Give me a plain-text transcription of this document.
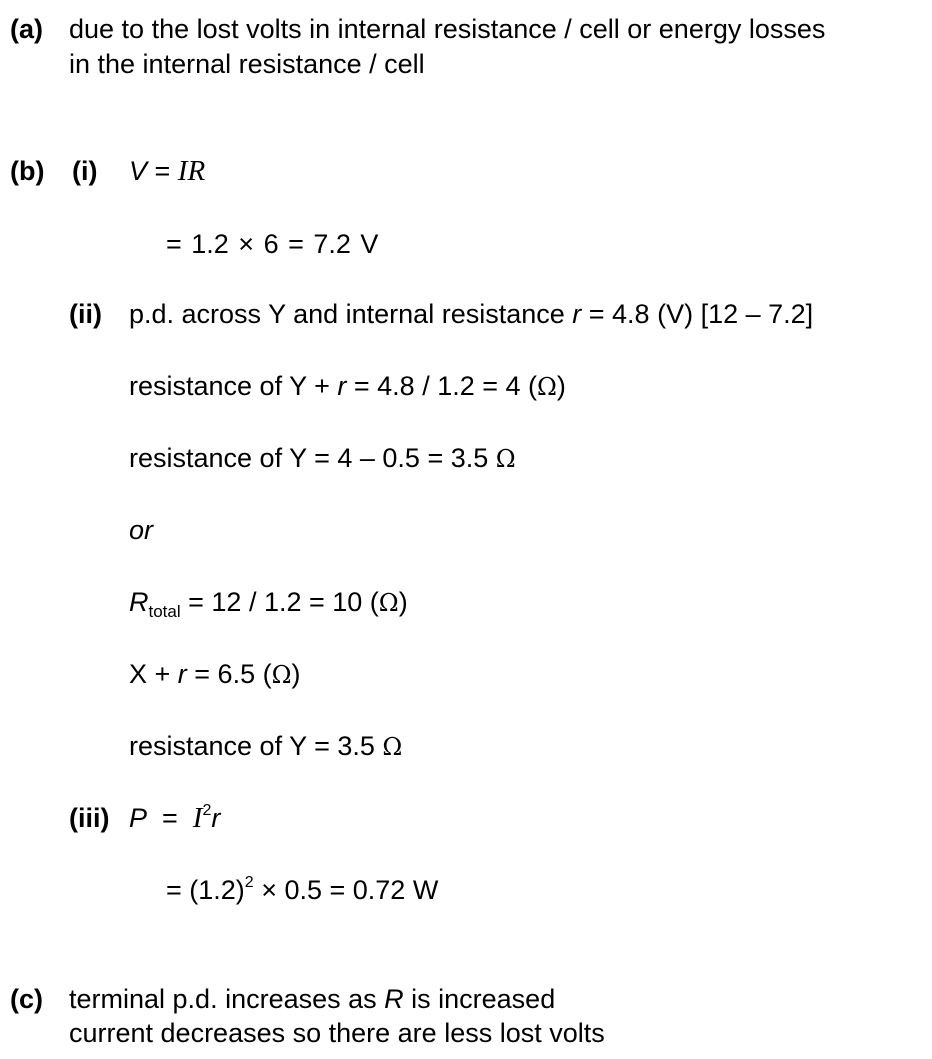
(a) due to the lost volts in internal resistance / cell or energy losses
in the internal resistance / cell
(b) (i) V = IR
= 1.2 × 6 = 7.2 V
(ii) p.d. across Y and internal resistance r = 4.8 (V) [12 – 7.2]
resistance of Y + r = 4.8 / 1.2 = 4 (Ω)
resistance of Y = 4 – 0.5 = 3.5 Ω
or
$R_{total} = 12 / 1.2 = 10$ (Ω)
X + r = 6.5 (Ω)
resistance of Y = 3.5 Ω
(iii) $P = I^2r$
= $(1.2)^2 \times 0.5 = 0.72$ W
(c) terminal p.d. increases as R is increased
current decreases so there are less lost volts
